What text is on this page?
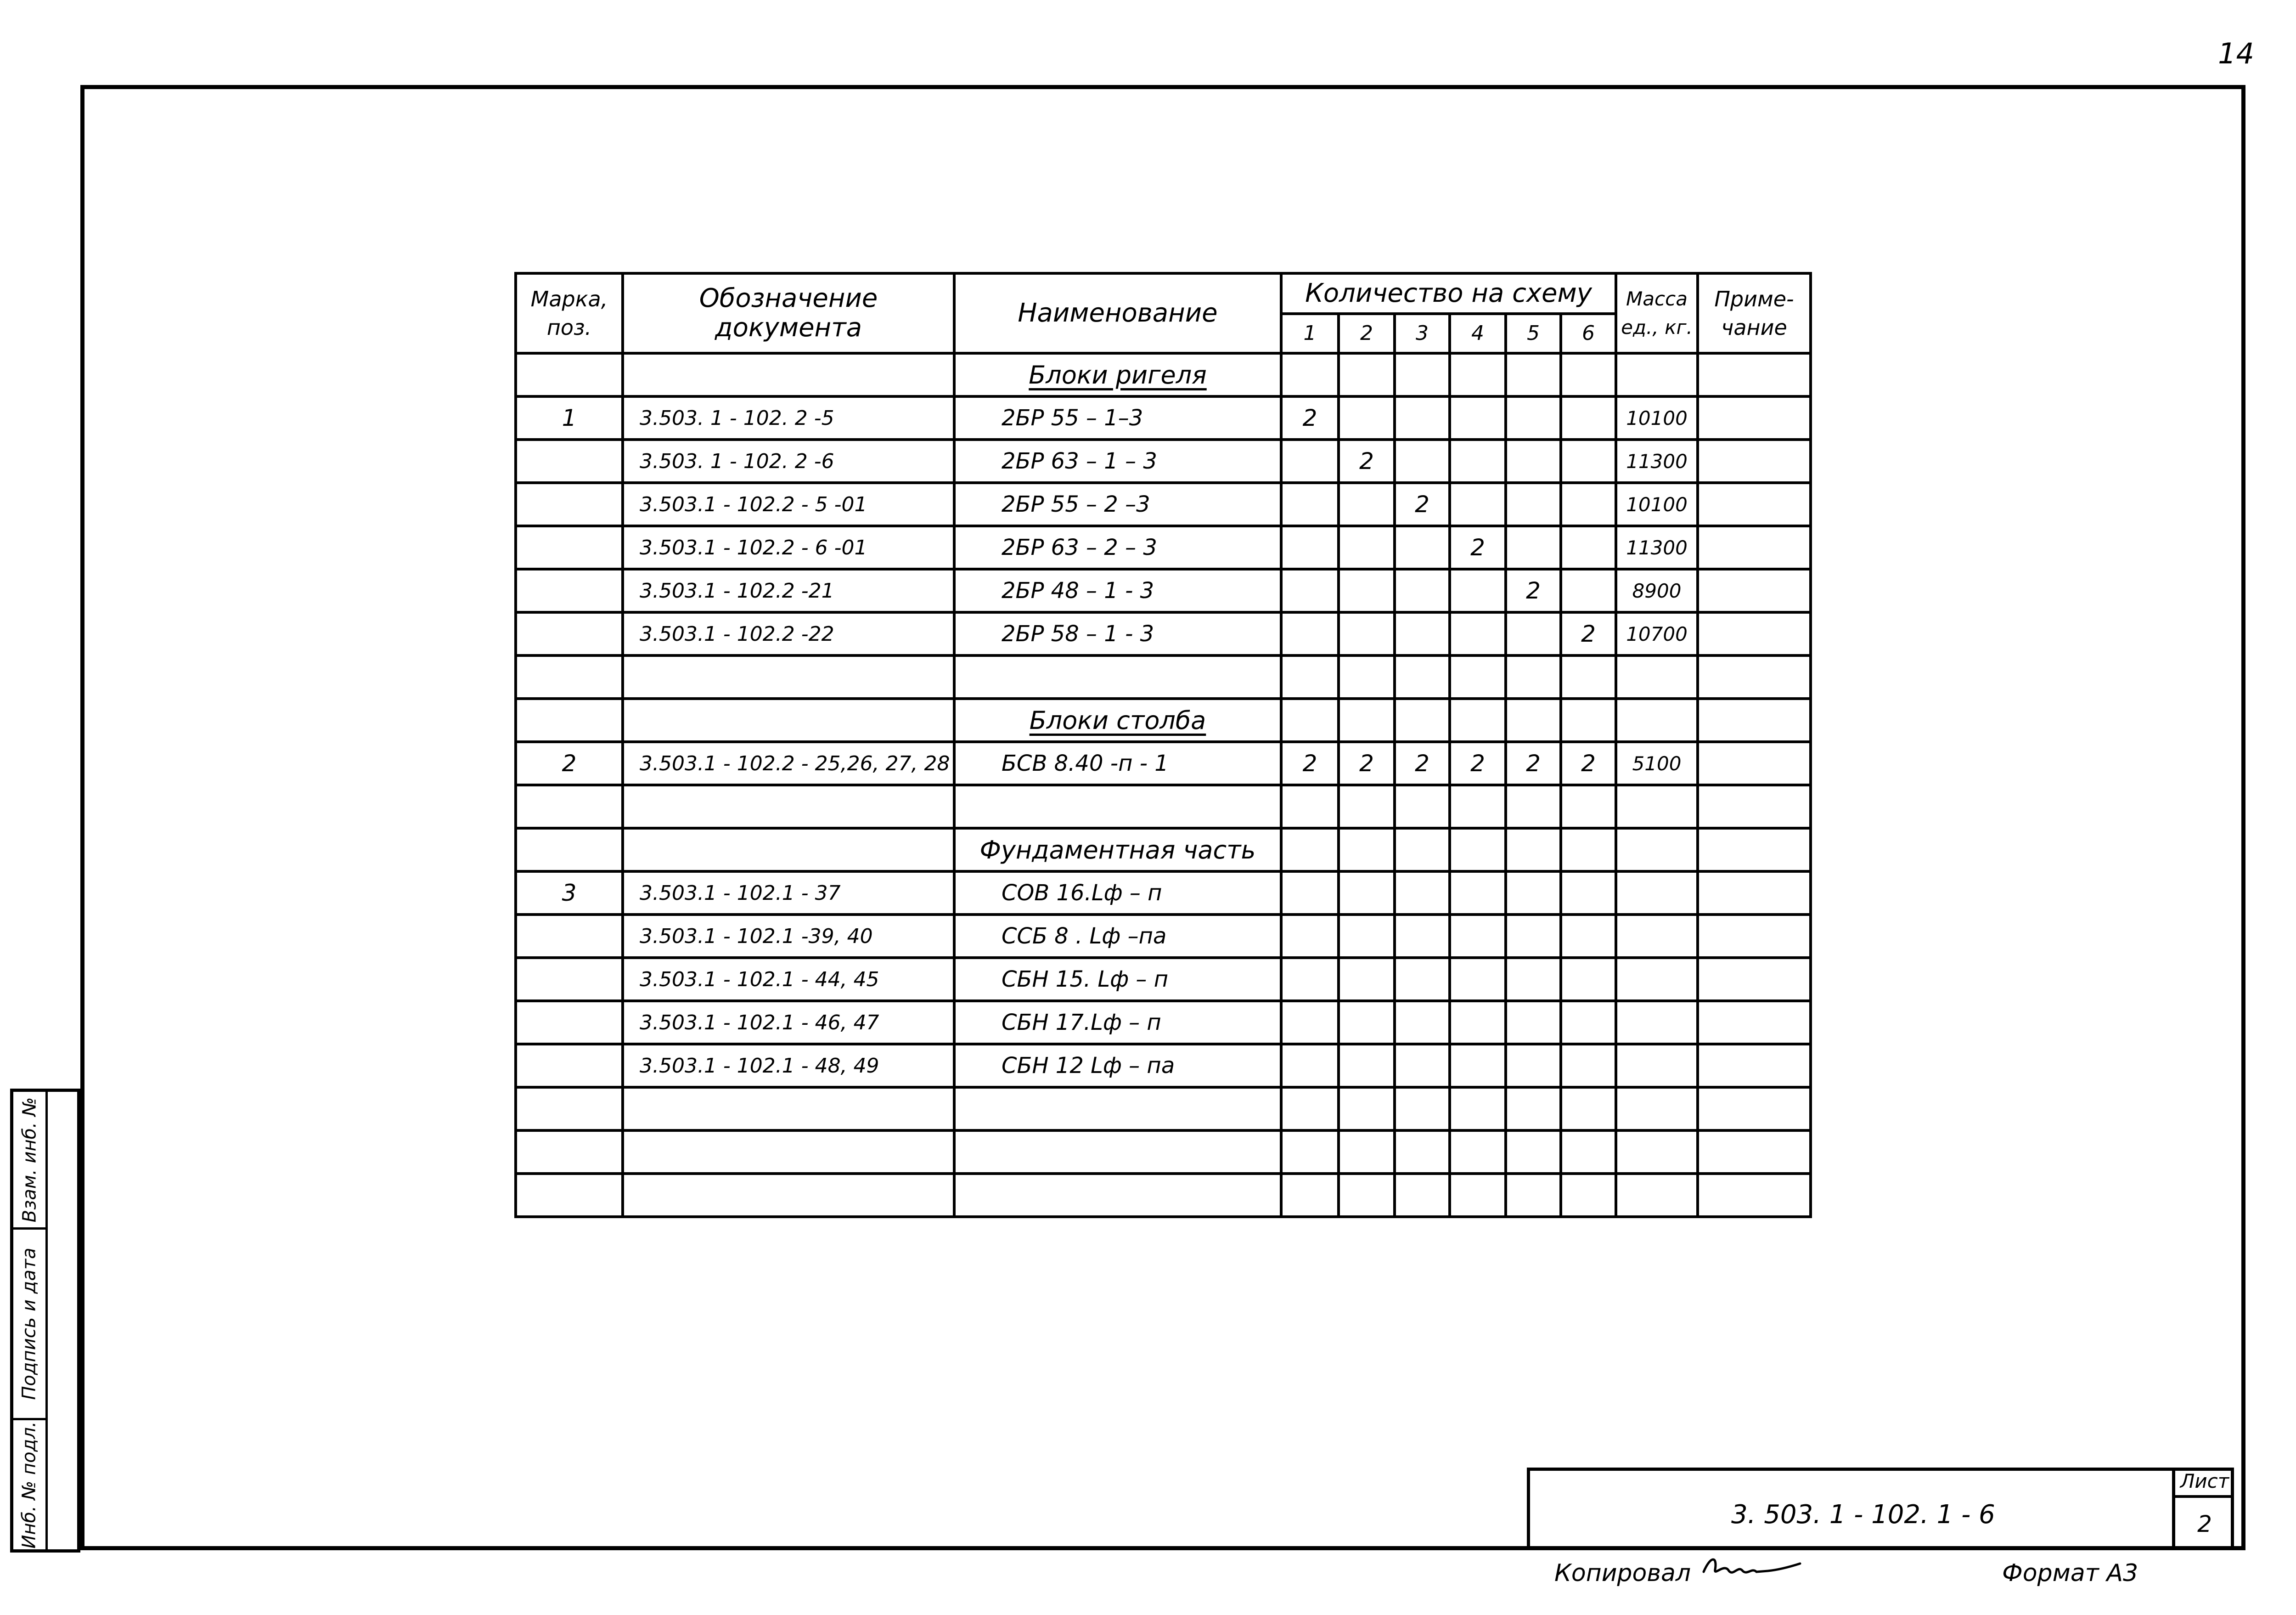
14
Взам. инб. №
Подпись и дата
Инб. № подл.
Марка, поз.	Обозначение документа	Наименование	Количество на схему						Масса ед., кг.	Приме- чание
			1	2	3	4	5	6		
		Блоки ригеля								
1	3.503. 1 - 102. 2 -5	2БР 55 – 1–3	2						10100	
	3.503. 1 - 102. 2 -6	2БР 63 – 1 – 3		2					11300	
	3.503.1 - 102.2 - 5 -01	2БР 55 – 2 –3			2				10100	
	3.503.1 - 102.2 - 6 -01	2БР 63 – 2 – 3				2			11300	
	3.503.1 - 102.2 -21	2БР 48 – 1 - 3					2		8900	
	3.503.1 - 102.2 -22	2БР 58 – 1 - 3						2	10700	

		Блоки столба								
2	3.503.1 - 102.2 - 25,26, 27, 28	БСВ 8.40 -п - 1	2	2	2	2	2	2	5100	

		Фундаментная часть								
3	3.503.1 - 102.1 - 37	СОВ 16.Lф – п								
	3.503.1 - 102.1 -39, 40	ССБ 8 . Lф –па								
	3.503.1 - 102.1 - 44, 45	СБН 15. Lф – п								
	3.503.1 - 102.1 - 46, 47	СБН 17.Lф – п								
	3.503.1 - 102.1 - 48, 49	СБН 12 Lф – па								

3. 503. 1 - 102. 1 - 6
Лист
2
Копировал	Формат А3
